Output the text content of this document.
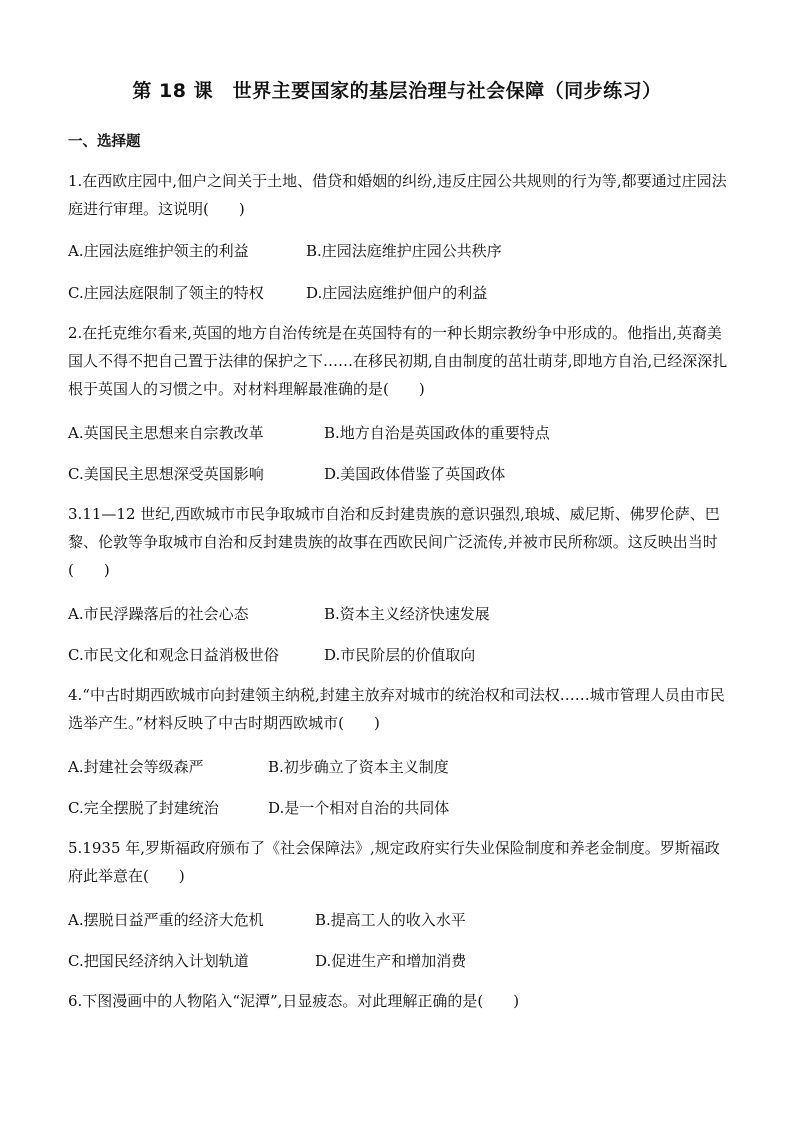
第 18 课　世界主要国家的基层治理与社会保障（同步练习）
一、选择题
1.在西欧庄园中,佃户之间关于土地、借贷和婚姻的纠纷,违反庄园公共规则的行为等,都要通过庄园法庭进行审理。这说明(　　)
A.庄园法庭维护领主的利益	B.庄园法庭维护庄园公共秩序
C.庄园法庭限制了领主的特权	D.庄园法庭维护佃户的利益
2.在托克维尔看来,英国的地方自治传统是在英国特有的一种长期宗教纷争中形成的。他指出,英裔美国人不得不把自己置于法律的保护之下……在移民初期,自由制度的茁壮萌芽,即地方自治,已经深深扎根于英国人的习惯之中。对材料理解最准确的是(　　)
A.英国民主思想来自宗教改革	B.地方自治是英国政体的重要特点
C.美国民主思想深受英国影响	D.美国政体借鉴了英国政体
3.11—12 世纪,西欧城市市民争取城市自治和反封建贵族的意识强烈,琅城、威尼斯、佛罗伦萨、巴黎、伦敦等争取城市自治和反封建贵族的故事在西欧民间广泛流传,并被市民所称颂。这反映出当时(　　)
A.市民浮躁落后的社会心态	B.资本主义经济快速发展
C.市民文化和观念日益消极世俗	D.市民阶层的价值取向
4.“中古时期西欧城市向封建领主纳税,封建主放弃对城市的统治权和司法权……城市管理人员由市民选举产生。”材料反映了中古时期西欧城市(　　)
A.封建社会等级森严	B.初步确立了资本主义制度
C.完全摆脱了封建统治	D.是一个相对自治的共同体
5.1935 年,罗斯福政府颁布了《社会保障法》,规定政府实行失业保险制度和养老金制度。罗斯福政府此举意在(　　)
A.摆脱日益严重的经济大危机	B.提高工人的收入水平
C.把国民经济纳入计划轨道	D.促进生产和增加消费
6.下图漫画中的人物陷入“泥潭”,日显疲态。对此理解正确的是(　　)
